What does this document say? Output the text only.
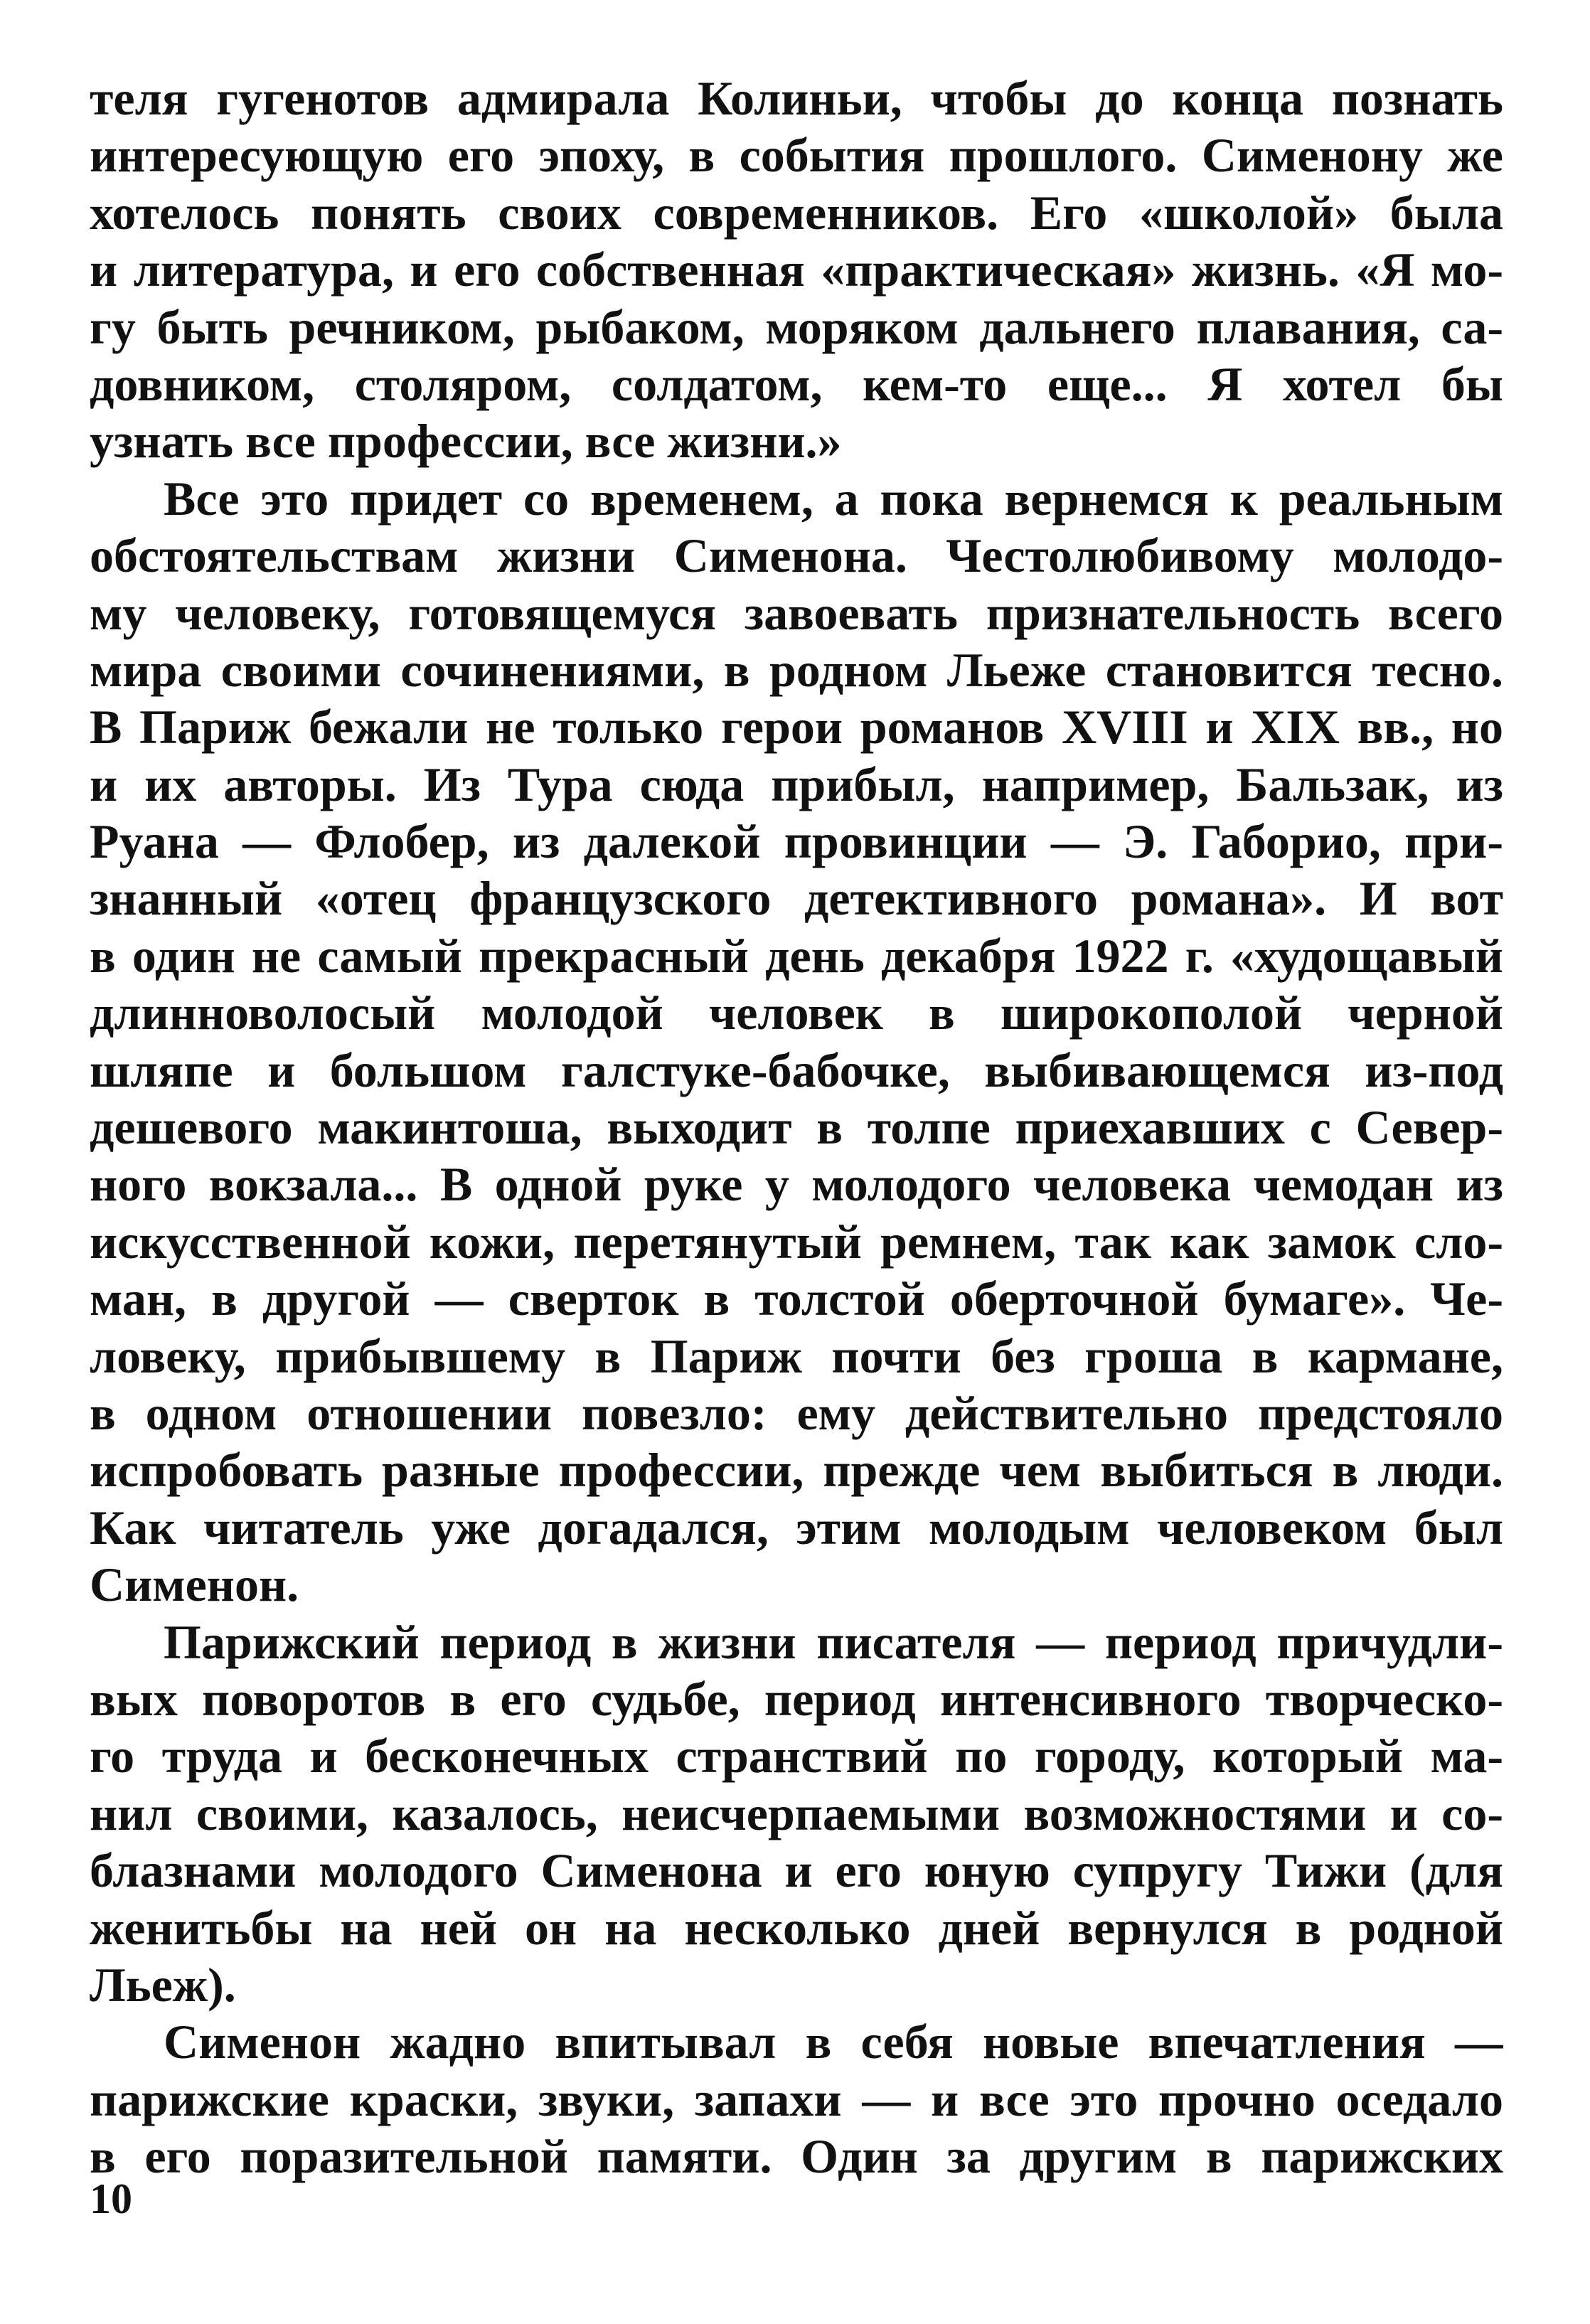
теля гугенотов адмирала Колиньи, чтобы до конца познать
интересующую его эпоху, в события прошлого. Сименону же
хотелось понять своих современников. Его «школой» была
и литература, и его собственная «практическая» жизнь. «Я мо-
гу быть речником, рыбаком, моряком дальнего плавания, са-
довником, столяром, солдатом, кем-то еще... Я хотел бы
узнать все профессии, все жизни.»
Все это придет со временем, а пока вернемся к реальным
обстоятельствам жизни Сименона. Честолюбивому молодо-
му человеку, готовящемуся завоевать признательность всего
мира своими сочинениями, в родном Льеже становится тесно.
В Париж бежали не только герои романов XVIII и XIX вв., но
и их авторы. Из Тура сюда прибыл, например, Бальзак, из
Руана — Флобер, из далекой провинции — Э. Габорио, при-
знанный «отец французского детективного романа». И вот
в один не самый прекрасный день декабря 1922 г. «худощавый
длинноволосый молодой человек в широкополой черной
шляпе и большом галстуке-бабочке, выбивающемся из-под
дешевого макинтоша, выходит в толпе приехавших с Север-
ного вокзала... В одной руке у молодого человека чемодан из
искусственной кожи, перетянутый ремнем, так как замок сло-
ман, в другой — сверток в толстой оберточной бумаге». Че-
ловеку, прибывшему в Париж почти без гроша в кармане,
в одном отношении повезло: ему действительно предстояло
испробовать разные профессии, прежде чем выбиться в люди.
Как читатель уже догадался, этим молодым человеком был
Сименон.
Парижский период в жизни писателя — период причудли-
вых поворотов в его судьбе, период интенсивного творческо-
го труда и бесконечных странствий по городу, который ма-
нил своими, казалось, неисчерпаемыми возможностями и со-
блазнами молодого Сименона и его юную супругу Тижи (для
женитьбы на ней он на несколько дней вернулся в родной
Льеж).
Сименон жадно впитывал в себя новые впечатления —
парижские краски, звуки, запахи — и все это прочно оседало
в его поразительной памяти. Один за другим в парижских
10
